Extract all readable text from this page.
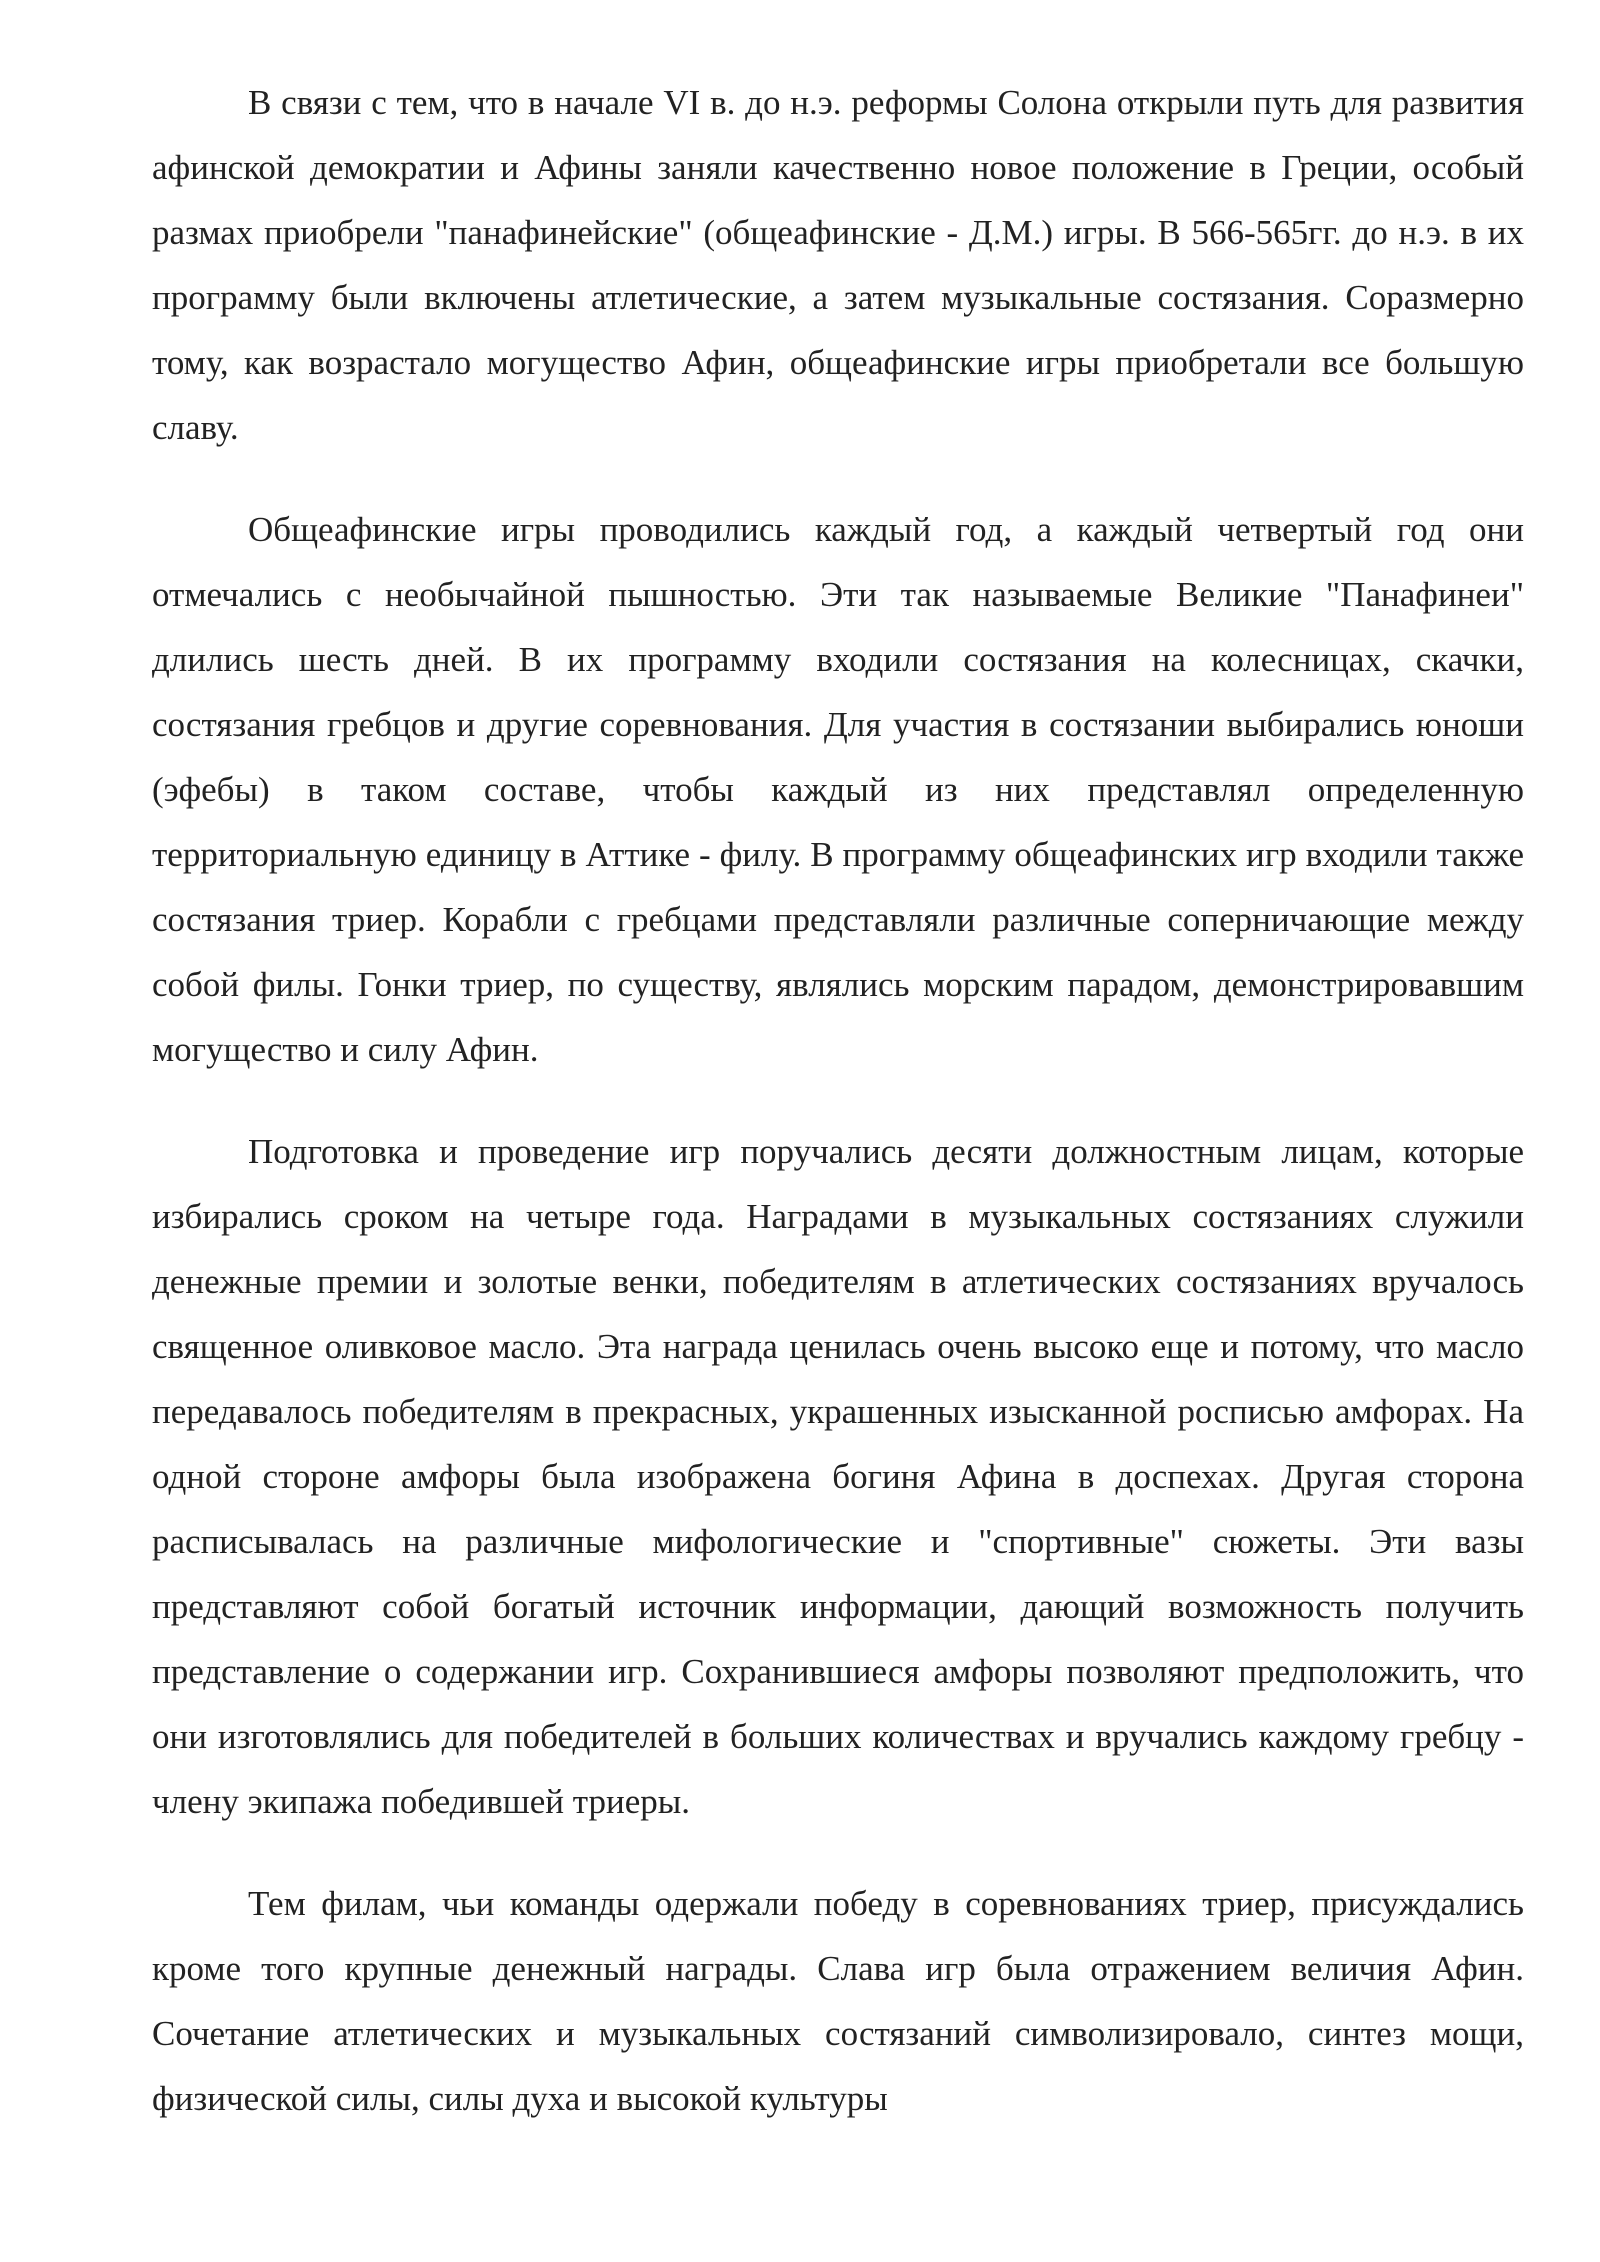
В связи с тем, что в начале VI в. до н.э. реформы Солона открыли путь для развития афинской демократии и Афины заняли качественно новое положение в Греции, особый размах приобрели "панафинейские" (общеафинские - Д.М.) игры. В 566-565гг. до н.э. в их программу были включены атлетические, а затем музыкальные состязания. Соразмерно тому, как возрастало могущество Афин, общеафинские игры приобретали все большую славу.

Общеафинские игры проводились каждый год, а каждый четвертый год они отмечались с необычайной пышностью. Эти так называемые Великие "Панафинеи" длились шесть дней. В их программу входили состязания на колесницах, скачки, состязания гребцов и другие соревнования. Для участия в состязании выбирались юноши (эфебы) в таком составе, чтобы каждый из них представлял определенную территориальную единицу в Аттике - филу. В программу общеафинских игр входили также состязания триер. Корабли с гребцами представляли различные соперничающие между собой филы. Гонки триер, по существу, являлись морским парадом, демонстрировавшим могущество и силу Афин.

Подготовка и проведение игр поручались десяти должностным лицам, которые избирались сроком на четыре года. Наградами в музыкальных состязаниях служили денежные премии и золотые венки, победителям в атлетических состязаниях вручалось священное оливковое масло. Эта награда ценилась очень высоко еще и потому, что масло передавалось победителям в прекрасных, украшенных изысканной росписью амфорах. На одной стороне амфоры была изображена богиня Афина в доспехах. Другая сторона расписывалась на различные мифологические и "спортивные" сюжеты. Эти вазы представляют собой богатый источник информации, дающий возможность получить представление о содержании игр. Сохранившиеся амфоры позволяют предположить, что они изготовлялись для победителей в больших количествах и вручались каждому гребцу - члену экипажа победившей триеры.

Тем филам, чьи команды одержали победу в соревнованиях триер, присуждались кроме того крупные денежный награды. Слава игр была отражением величия Афин. Сочетание атлетических и музыкальных состязаний символизировало, синтез мощи, физической силы, силы духа и высокой культуры
